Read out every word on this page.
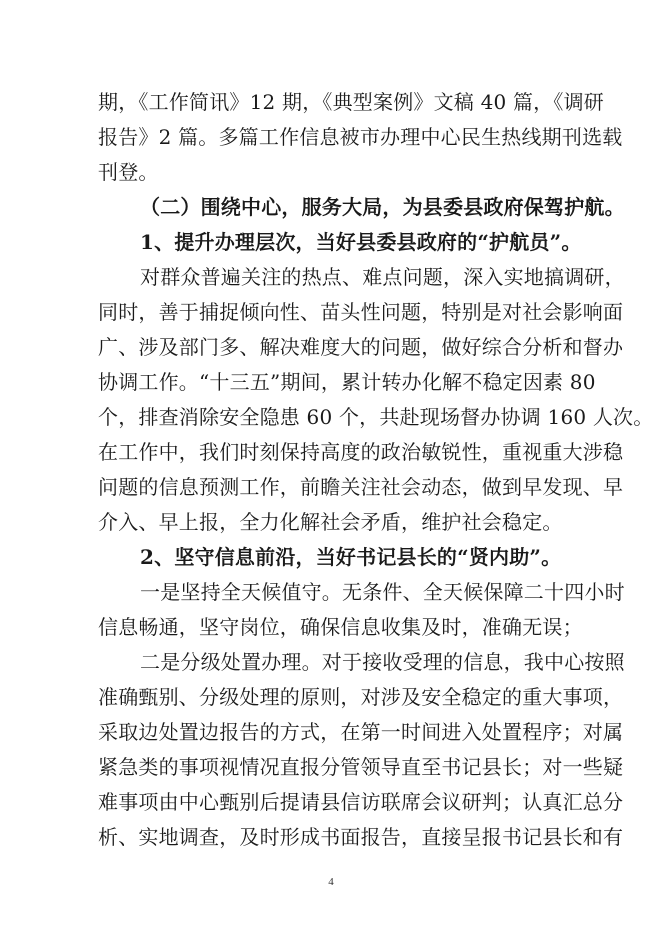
期，《工作简讯》12 期，《典型案例》文稿 40 篇，《调研
报告》2 篇。多篇工作信息被市办理中心民生热线期刊选载
刊登。
（二）围绕中心，服务大局，为县委县政府保驾护航。
1、提升办理层次，当好县委县政府的“护航员”。
对群众普遍关注的热点、难点问题，深入实地搞调研，
同时，善于捕捉倾向性、苗头性问题，特别是对社会影响面
广、涉及部门多、解决难度大的问题，做好综合分析和督办
协调工作。“十三五”期间，累计转办化解不稳定因素 80
个，排查消除安全隐患 60 个，共赴现场督办协调 160 人次。
在工作中，我们时刻保持高度的政治敏锐性，重视重大涉稳
问题的信息预测工作，前瞻关注社会动态，做到早发现、早
介入、早上报，全力化解社会矛盾，维护社会稳定。
2、坚守信息前沿，当好书记县长的“贤内助”。
一是坚持全天候值守。无条件、全天候保障二十四小时
信息畅通，坚守岗位，确保信息收集及时，准确无误；
二是分级处置办理。对于接收受理的信息，我中心按照
准确甄别、分级处理的原则，对涉及安全稳定的重大事项，
采取边处置边报告的方式，在第一时间进入处置程序；对属
紧急类的事项视情况直报分管领导直至书记县长；对一些疑
难事项由中心甄别后提请县信访联席会议研判；认真汇总分
析、实地调查，及时形成书面报告，直接呈报书记县长和有
4
